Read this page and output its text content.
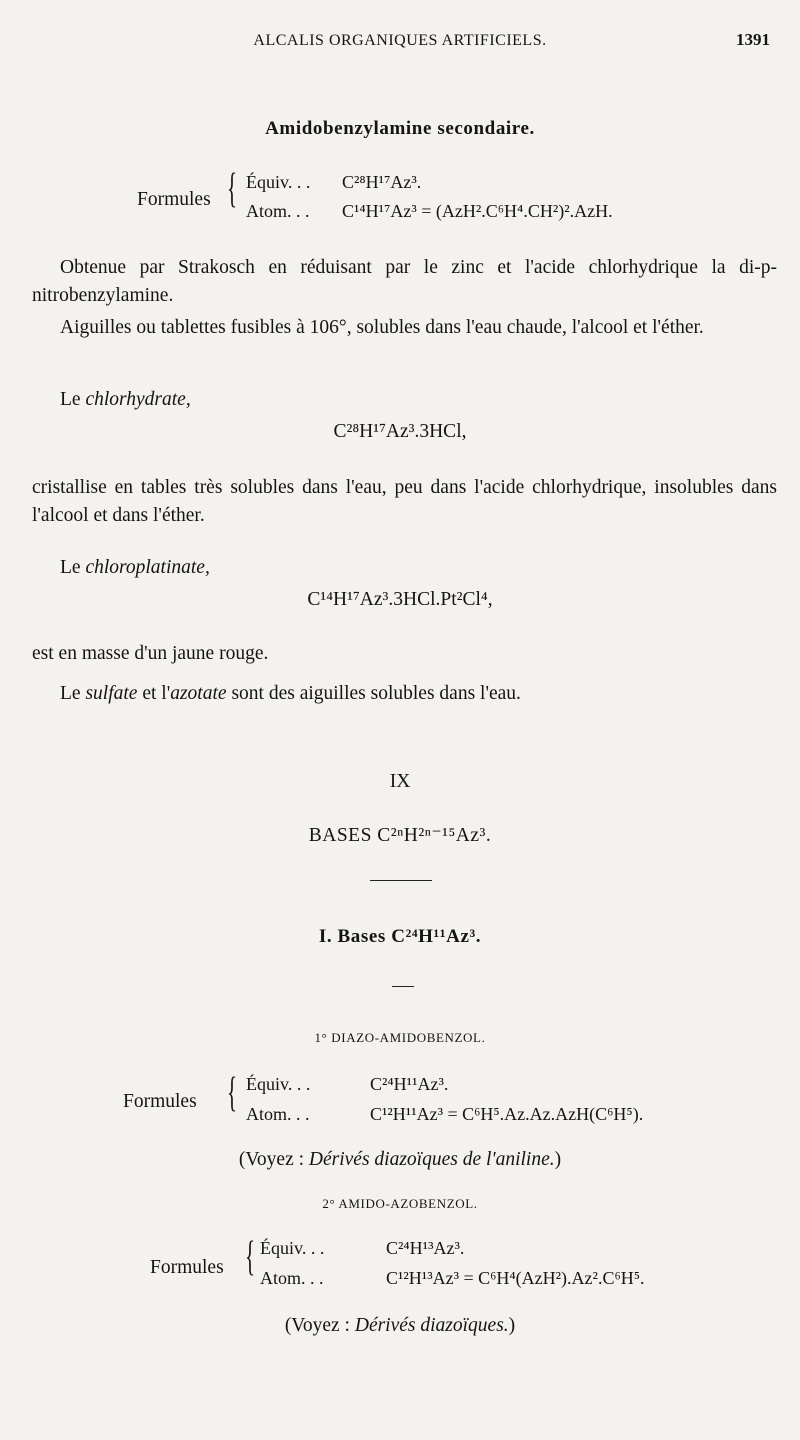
ALCALIS ORGANIQUES ARTIFICIELS.	1391
Amidobenzylamine secondaire.
Formules { Équiv. . . C²⁸H¹⁷Az³.
Atom. . . C¹⁴H¹⁷Az³ = (AzH².C⁶H⁴.CH²)².AzH.
Obtenue par Strakosch en réduisant par le zinc et l'acide chlorhydrique la di-p-nitrobenzylamine.
Aiguilles ou tablettes fusibles à 106°, solubles dans l'eau chaude, l'alcool et l'éther.
Le chlorhydrate,
C²⁸H¹⁷Az³.3HCl,
cristallise en tables très solubles dans l'eau, peu dans l'acide chlorhydrique, insolubles dans l'alcool et dans l'éther.
Le chloroplatinate,
C¹⁴H¹⁷Az³.3HCl.Pt²Cl⁴,
est en masse d'un jaune rouge.
Le sulfate et l'azotate sont des aiguilles solubles dans l'eau.
IX
BASES C²ⁿH²ⁿ⁻¹⁵Az³.
I. Bases C²⁴H¹¹Az³.
1° DIAZO-AMIDOBENZOL.
Formules { Équiv. . .	C²⁴H¹¹Az³.
Atom. . .	C¹²H¹¹Az³ = C⁶H⁵.Az.Az.AzH(C⁶H⁵).
(Voyez : Dérivés diazoïques de l'aniline.)
2° AMIDO-AZOBENZOL.
Formules { Équiv. . .	C²⁴H¹³Az³.
Atom. . .	C¹²H¹³Az³ = C⁶H⁴(AzH²).Az².C⁶H⁵.
(Voyez : Dérivés diazoïques.)
